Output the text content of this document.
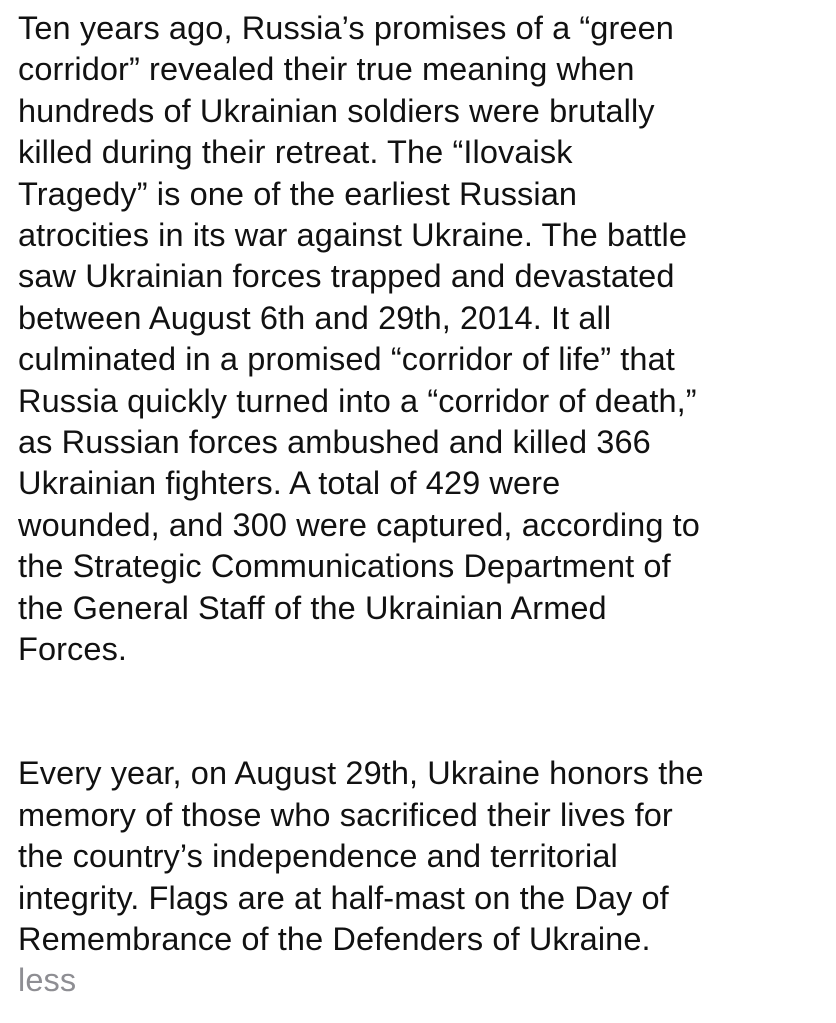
Ten years ago, Russia’s promises of a “green
corridor” revealed their true meaning when
hundreds of Ukrainian soldiers were brutally
killed during their retreat. The “Ilovaisk
Tragedy” is one of the earliest Russian
atrocities in its war against Ukraine. The battle
saw Ukrainian forces trapped and devastated
between August 6th and 29th, 2014. It all
culminated in a promised “corridor of life” that
Russia quickly turned into a “corridor of death,”
as Russian forces ambushed and killed 366
Ukrainian fighters. A total of 429 were
wounded, and 300 were captured, according to
the Strategic Communications Department of
the General Staff of the Ukrainian Armed
Forces.
Every year, on August 29th, Ukraine honors the
memory of those who sacrificed their lives for
the country’s independence and territorial
integrity. Flags are at half-mast on the Day of
Remembrance of the Defenders of Ukraine.
less
